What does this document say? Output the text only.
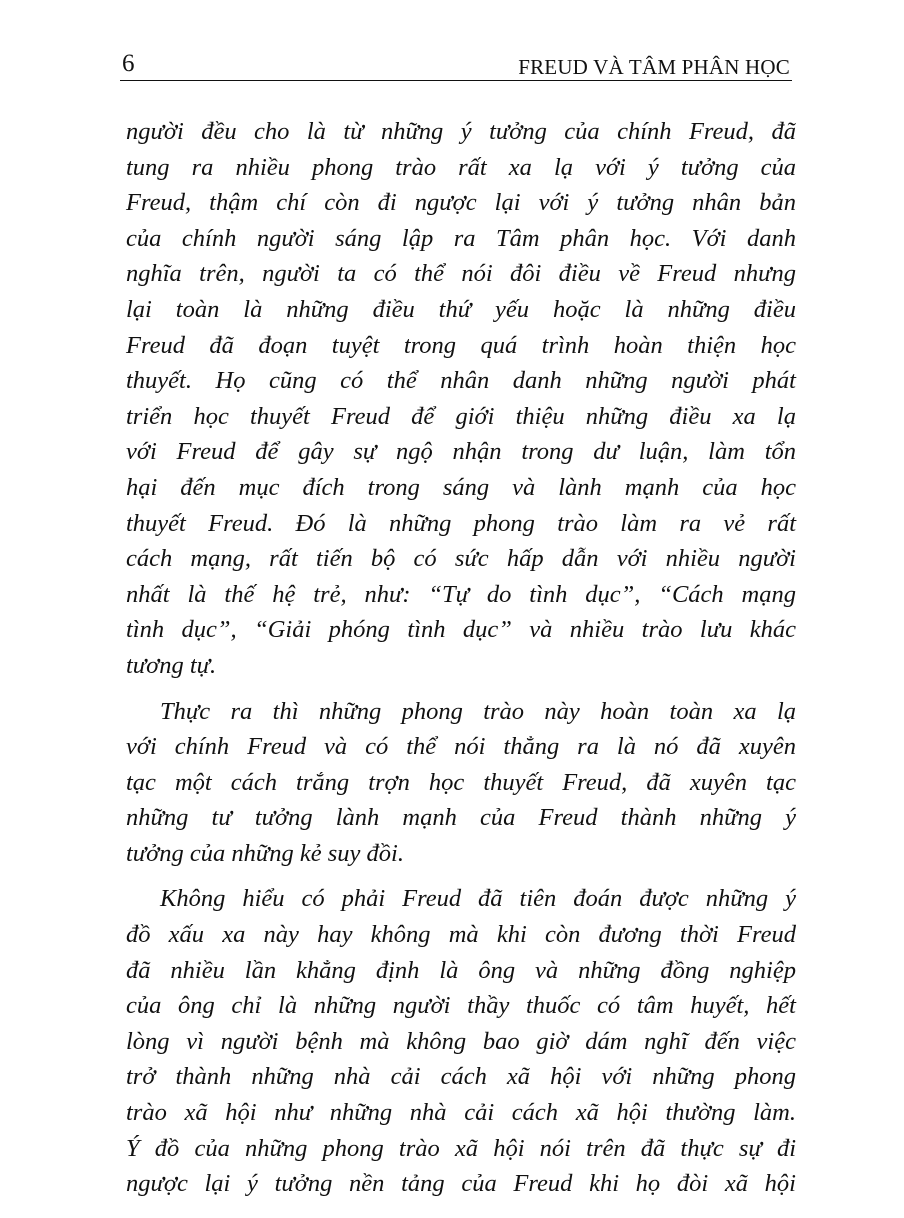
6	FREUD VÀ TÂM PHÂN HỌC
người đều cho là từ những ý tưởng của chính Freud, đã
tung ra nhiều phong trào rất xa lạ với ý tưởng của
Freud, thậm chí còn đi ngược lại với ý tưởng nhân bản
của chính người sáng lập ra Tâm phân học. Với danh
nghĩa trên, người ta có thể nói đôi điều về Freud nhưng
lại toàn là những điều thứ yếu hoặc là những điều
Freud đã đoạn tuyệt trong quá trình hoàn thiện học
thuyết. Họ cũng có thể nhân danh những người phát
triển học thuyết Freud để giới thiệu những điều xa lạ
với Freud để gây sự ngộ nhận trong dư luận, làm tổn
hại đến mục đích trong sáng và lành mạnh của học
thuyết Freud. Đó là những phong trào làm ra vẻ rất
cách mạng, rất tiến bộ có sức hấp dẫn với nhiều người
nhất là thế hệ trẻ, như: “Tự do tình dục”, “Cách mạng
tình dục”, “Giải phóng tình dục” và nhiều trào lưu khác
tương tự.
Thực ra thì những phong trào này hoàn toàn xa lạ
với chính Freud và có thể nói thẳng ra là nó đã xuyên
tạc một cách trắng trợn học thuyết Freud, đã xuyên tạc
những tư tưởng lành mạnh của Freud thành những ý
tưởng của những kẻ suy đồi.
Không hiểu có phải Freud đã tiên đoán được những ý
đồ xấu xa này hay không mà khi còn đương thời Freud
đã nhiều lần khẳng định là ông và những đồng nghiệp
của ông chỉ là những người thầy thuốc có tâm huyết, hết
lòng vì người bệnh mà không bao giờ dám nghĩ đến việc
trở thành những nhà cải cách xã hội với những phong
trào xã hội như những nhà cải cách xã hội thường làm.
Ý đồ của những phong trào xã hội nói trên đã thực sự đi
ngược lại ý tưởng nền tảng của Freud khi họ đòi xã hội
